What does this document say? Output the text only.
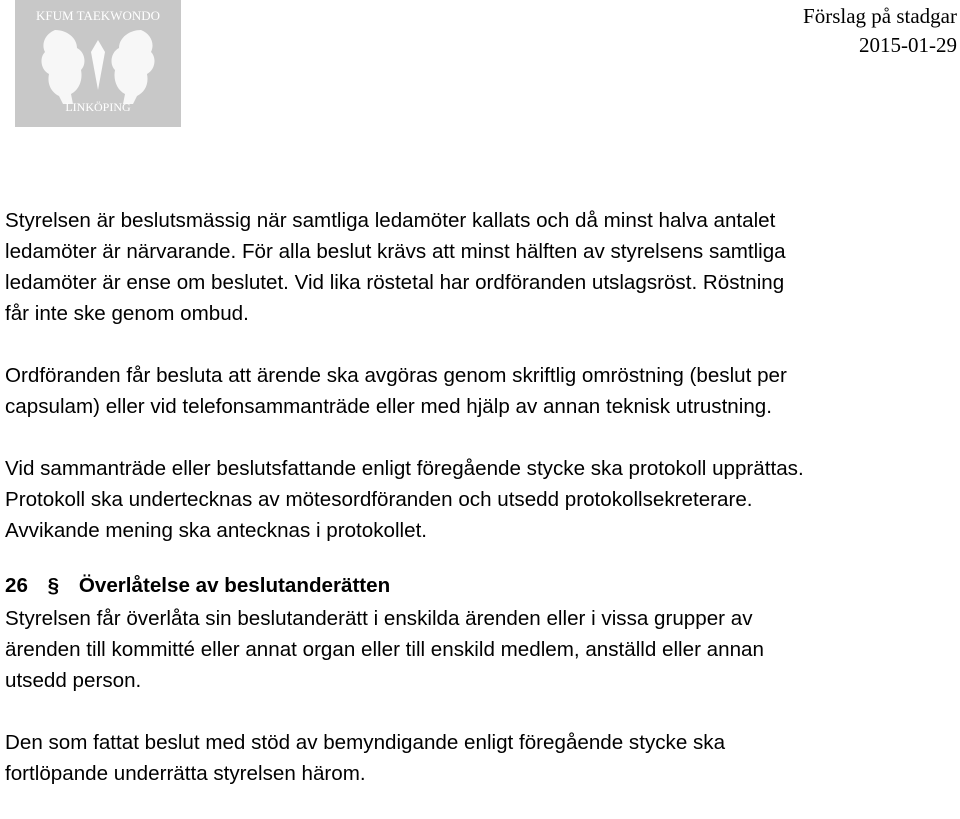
KFUM TAEKWONDO
LINKÖPING
Förslag på stadgar
2015-01-29

Styrelsen är beslutsmässig när samtliga ledamöter kallats och då minst halva antalet

ledamöter är närvarande. För alla beslut krävs att minst hälften av styrelsens samtliga

ledamöter är ense om beslutet. Vid lika röstetal har ordföranden utslagsröst. Röstning

får inte ske genom ombud.

Ordföranden får besluta att ärende ska avgöras genom skriftlig omröstning (beslut per

capsulam) eller vid telefonsammanträde eller med hjälp av annan teknisk utrustning.

Vid sammanträde eller beslutsfattande enligt föregående stycke ska protokoll upprättas.

Protokoll ska undertecknas av mötesordföranden och utsedd protokollsekreterare.

Avvikande mening ska antecknas i protokollet.

26 § Överlåtelse av beslutanderätten

Styrelsen får överlåta sin beslutanderätt i enskilda ärenden eller i vissa grupper av

ärenden till kommitté eller annat organ eller till enskild medlem, anställd eller annan

utsedd person.

Den som fattat beslut med stöd av bemyndigande enligt föregående stycke ska

fortlöpande underrätta styrelsen härom.
